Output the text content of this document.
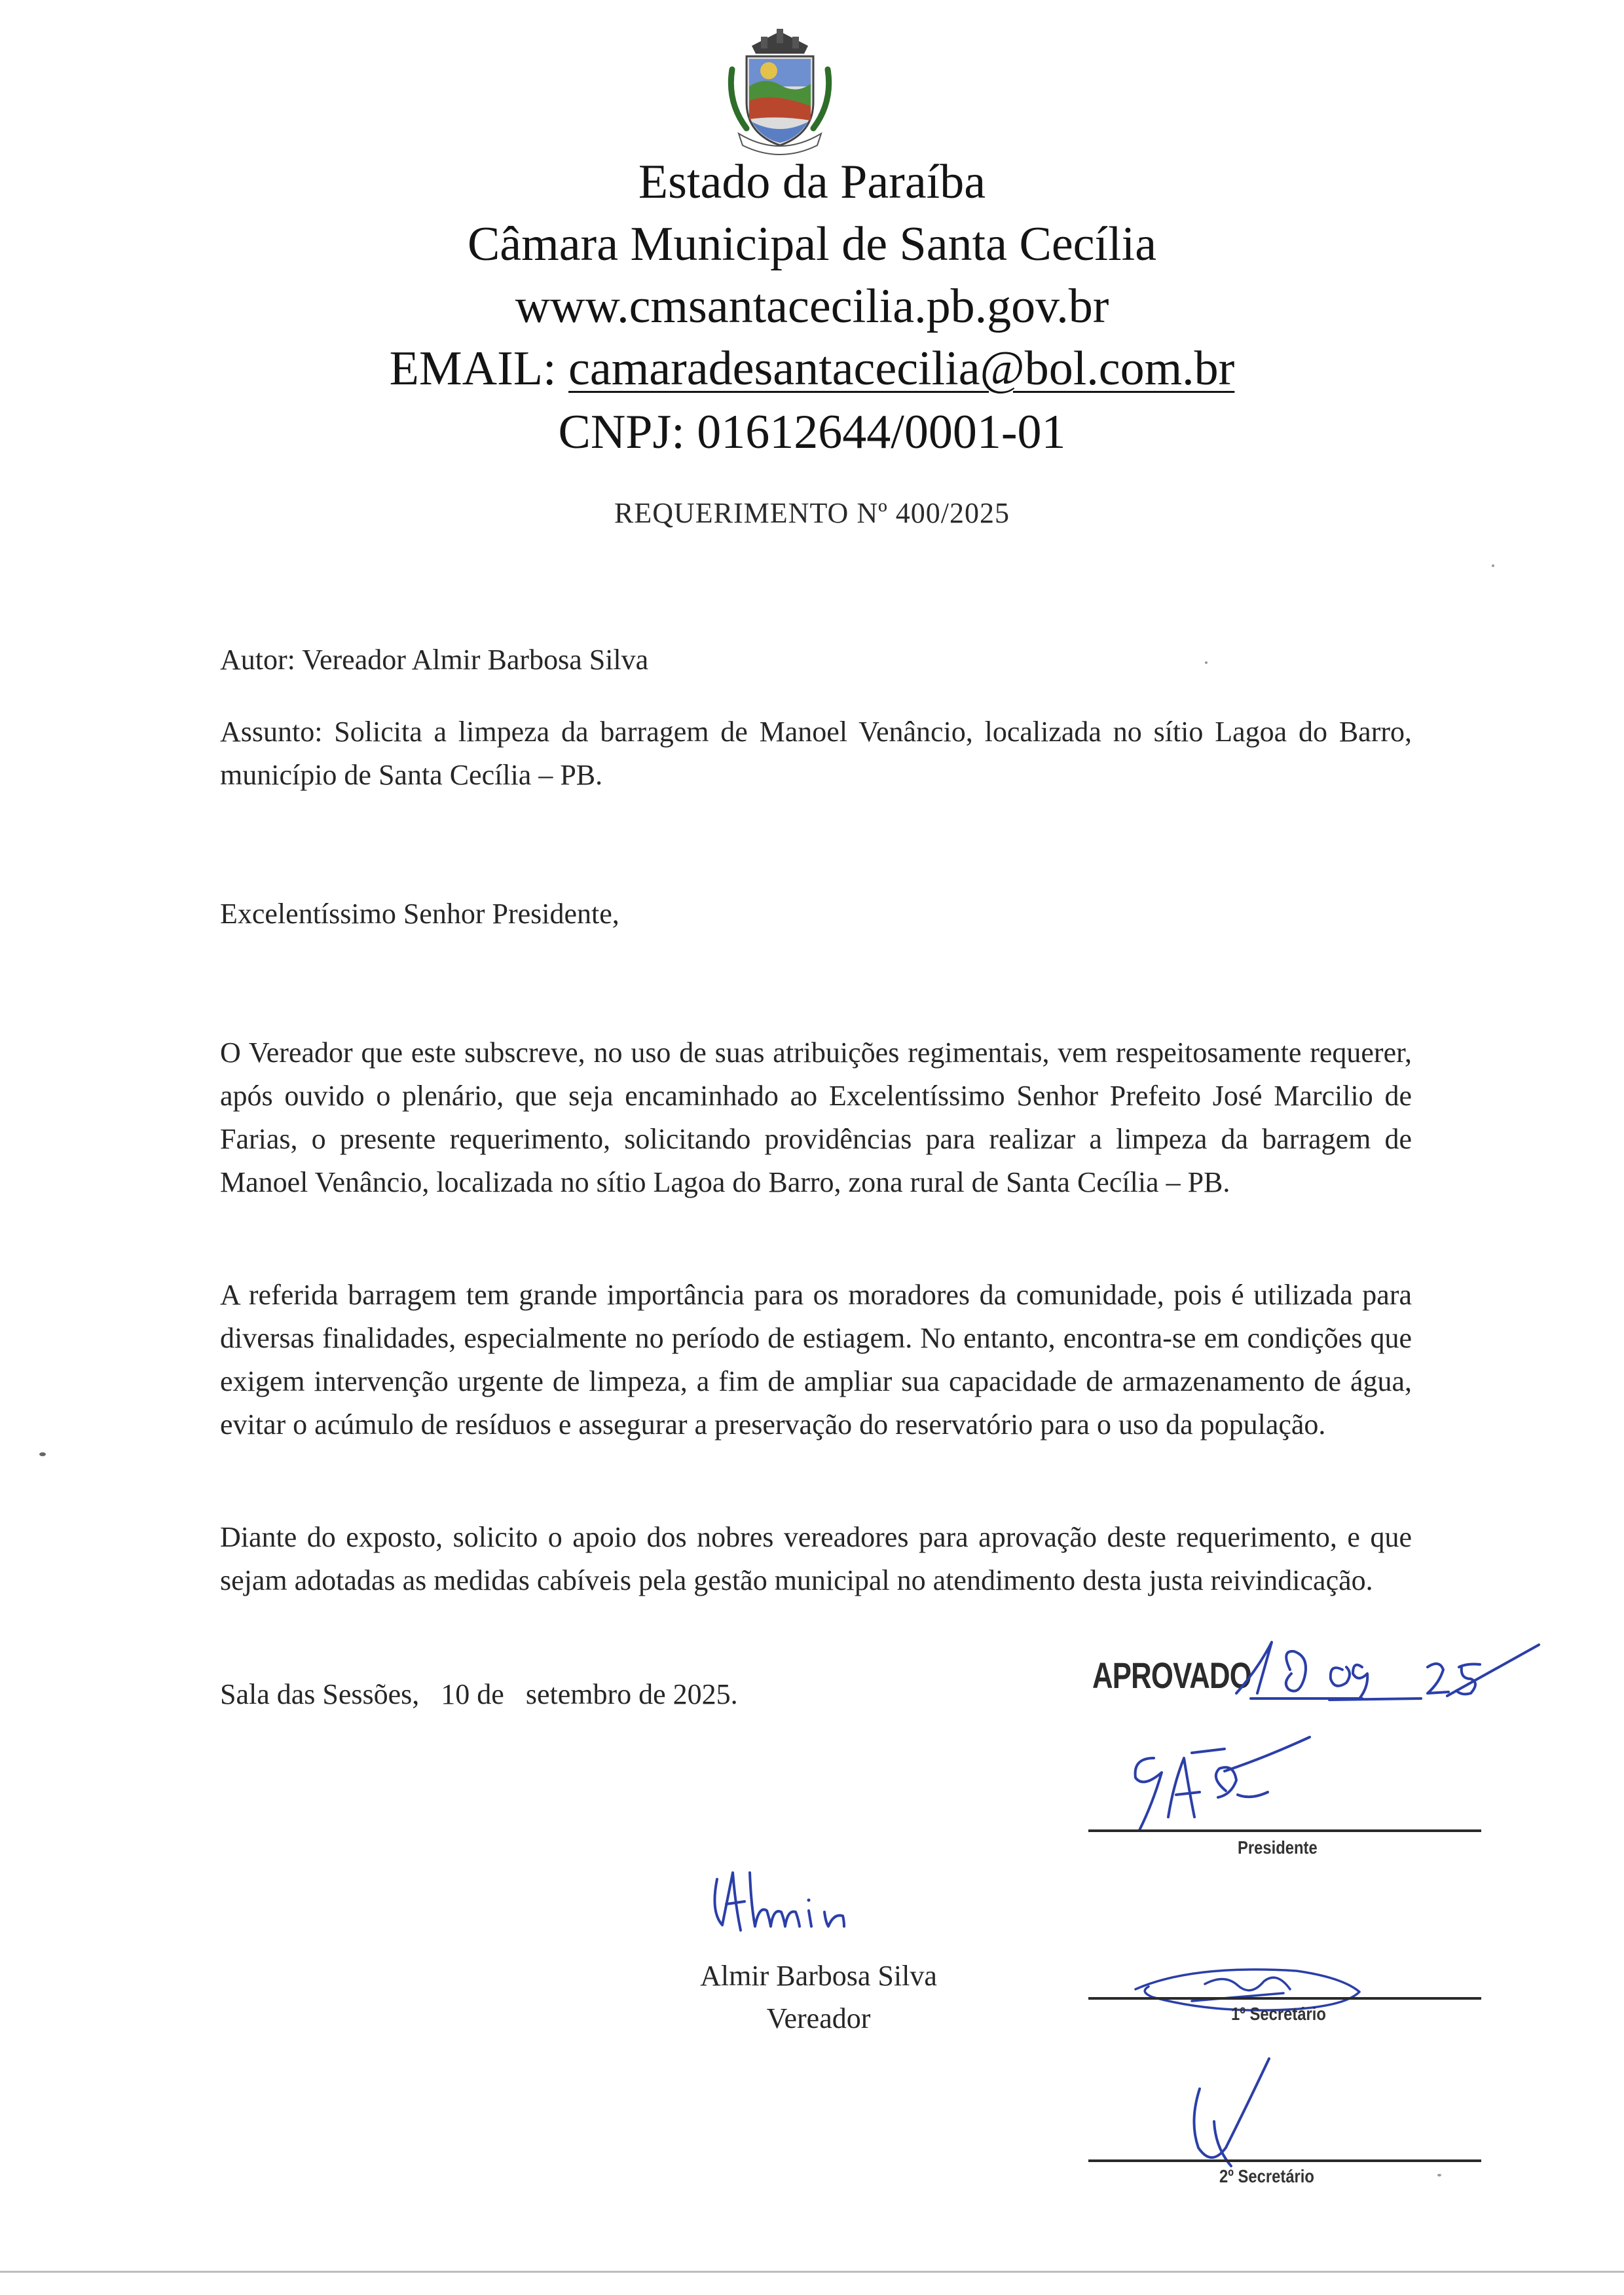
Estado da Paraíba
Câmara Municipal de Santa Cecília
www.cmsantacecilia.pb.gov.br
EMAIL: camaradesantacecilia@bol.com.br
CNPJ: 01612644/0001-01
REQUERIMENTO Nº 400/2025
Autor: Vereador Almir Barbosa Silva
Assunto: Solicita a limpeza da barragem de Manoel Venâncio, localizada no sítio Lagoa do Barro, município de Santa Cecília – PB.
Excelentíssimo Senhor Presidente,
O Vereador que este subscreve, no uso de suas atribuições regimentais, vem respeitosamente requerer, após ouvido o plenário, que seja encaminhado ao Excelentíssimo Senhor Prefeito José Marcilio de Farias, o presente requerimento, solicitando providências para realizar a limpeza da barragem de Manoel Venâncio, localizada no sítio Lagoa do Barro, zona rural de Santa Cecília – PB.
A referida barragem tem grande importância para os moradores da comunidade, pois é utilizada para diversas finalidades, especialmente no período de estiagem. No entanto, encontra-se em condições que exigem intervenção urgente de limpeza, a fim de ampliar sua capacidade de armazenamento de água, evitar o acúmulo de resíduos e assegurar a preservação do reservatório para o uso da população.
Diante do exposto, solicito o apoio dos nobres vereadores para aprovação deste requerimento, e que sejam adotadas as medidas cabíveis pela gestão municipal no atendimento desta justa reivindicação.
Sala das Sessões,   10 de   setembro de 2025.
Almir Barbosa Silva
Vereador
APROVADO
Presidente
1º Secretário
2º Secretário
